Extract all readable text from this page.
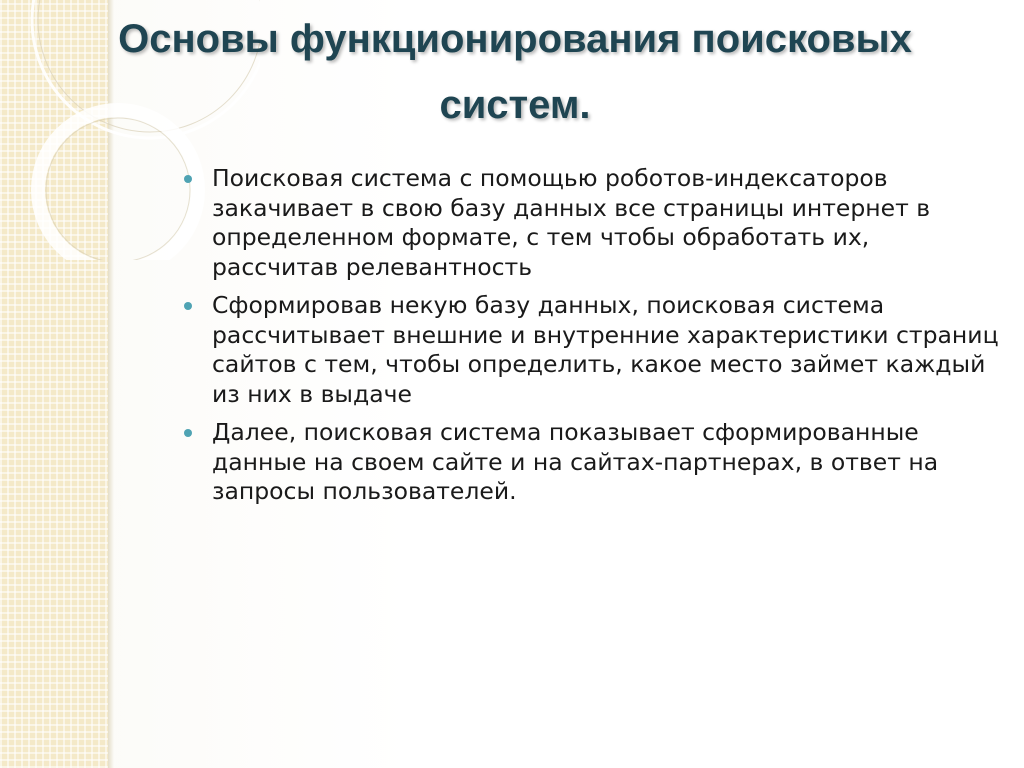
Основы функционирования поисковых систем.
Поисковая система с помощью роботов-индексаторов закачивает в свою базу данных все страницы интернет в определенном формате, с тем чтобы обработать их, рассчитав релевантность
Сформировав некую базу данных, поисковая система рассчитывает внешние и внутренние характеристики страниц сайтов с тем, чтобы определить, какое место займет каждый из них в выдаче
Далее, поисковая система показывает сформированные данные на своем сайте и на сайтах-партнерах, в ответ на запросы пользователей.
